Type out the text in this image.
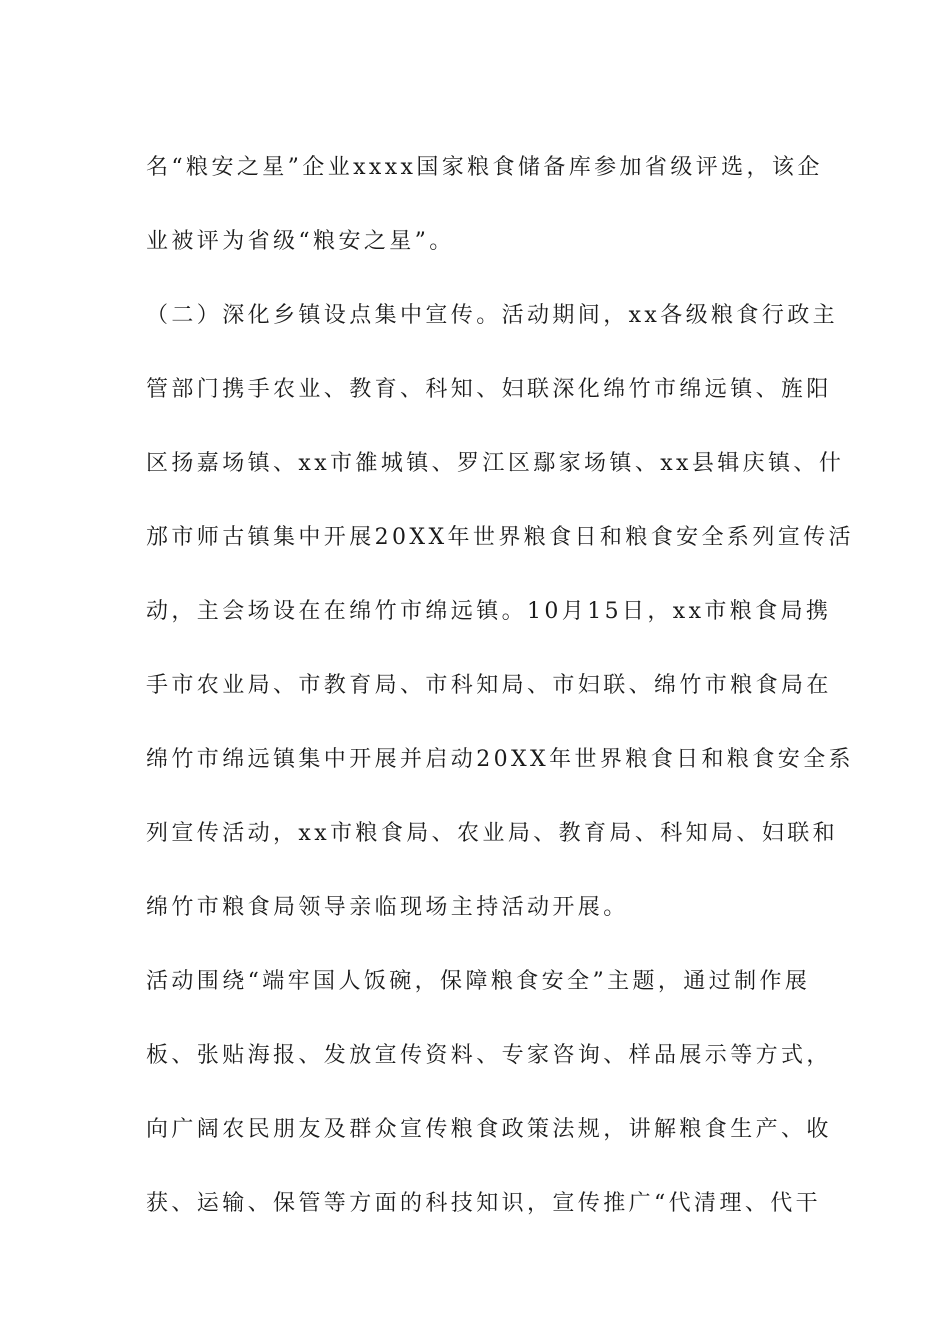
名“粮安之星”企业xxxx国家粮食储备库参加省级评选，该企
业被评为省级“粮安之星”。
（二）深化乡镇设点集中宣传。活动期间，xx各级粮食行政主
管部门携手农业、教育、科知、妇联深化绵竹市绵远镇、旌阳
区扬嘉场镇、xx市雒城镇、罗江区鄢家场镇、xx县辑庆镇、什
邡市师古镇集中开展20XX年世界粮食日和粮食安全系列宣传活
动，主会场设在在绵竹市绵远镇。10月15日，xx市粮食局携
手市农业局、市教育局、市科知局、市妇联、绵竹市粮食局在
绵竹市绵远镇集中开展并启动20XX年世界粮食日和粮食安全系
列宣传活动，xx市粮食局、农业局、教育局、科知局、妇联和
绵竹市粮食局领导亲临现场主持活动开展。
活动围绕“端牢国人饭碗，保障粮食安全”主题，通过制作展
板、张贴海报、发放宣传资料、专家咨询、样品展示等方式，
向广阔农民朋友及群众宣传粮食政策法规，讲解粮食生产、收
获、运输、保管等方面的科技知识，宣传推广“代清理、代干
